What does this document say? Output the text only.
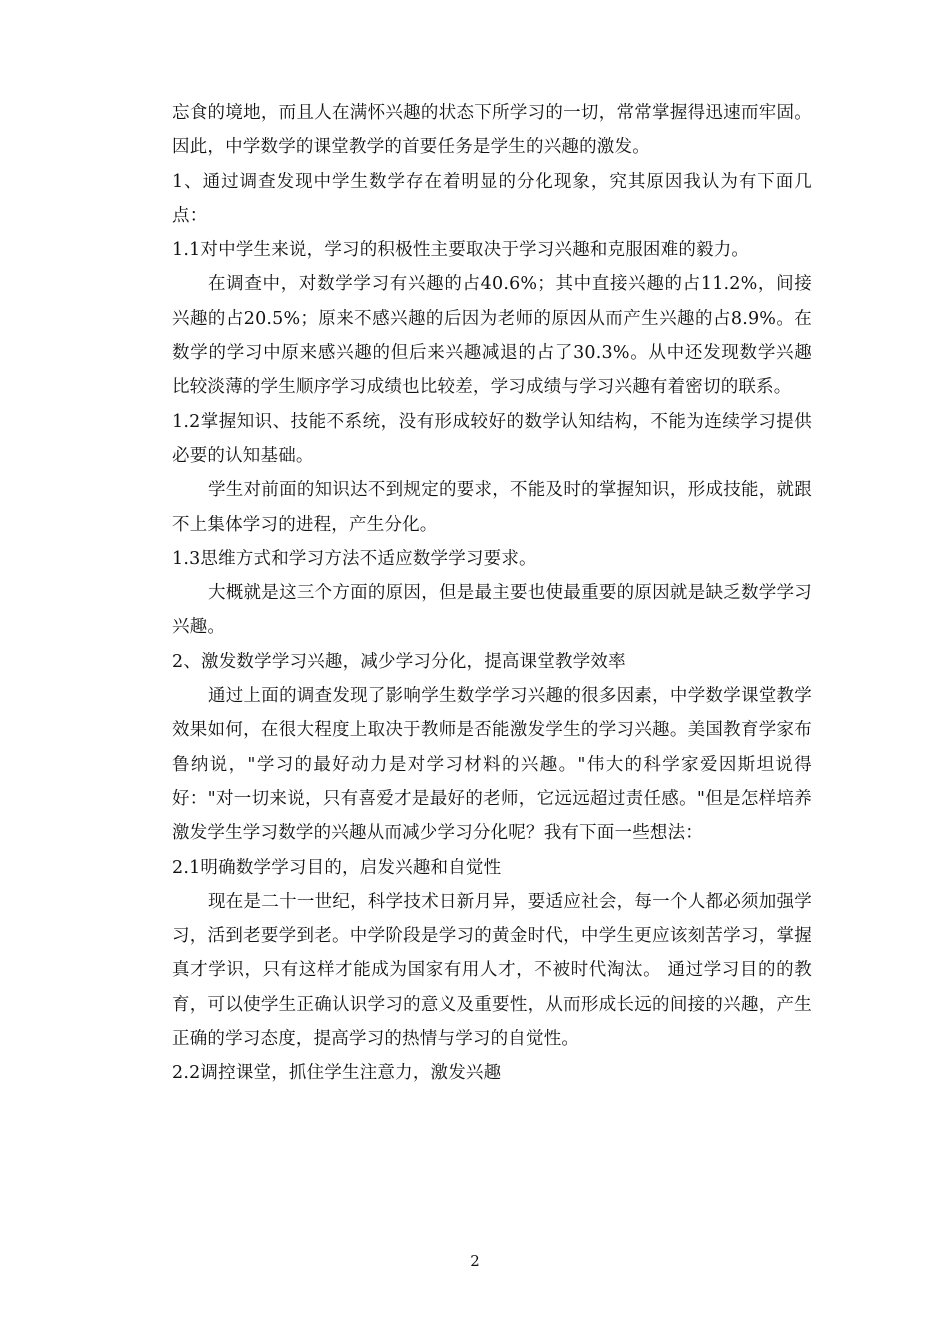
忘食的境地，而且人在满怀兴趣的状态下所学习的一切，常常掌握得迅速而牢固。因此，中学数学的课堂教学的首要任务是学生的兴趣的激发。

1、通过调查发现中学生数学存在着明显的分化现象，究其原因我认为有下面几点：

1.1对中学生来说，学习的积极性主要取决于学习兴趣和克服困难的毅力。

在调查中，对数学学习有兴趣的占40.6%；其中直接兴趣的占11.2%，间接兴趣的占20.5%；原来不感兴趣的后因为老师的原因从而产生兴趣的占8.9%。在数学的学习中原来感兴趣的但后来兴趣减退的占了30.3%。从中还发现数学兴趣比较淡薄的学生顺序学习成绩也比较差，学习成绩与学习兴趣有着密切的联系。

1.2掌握知识、技能不系统，没有形成较好的数学认知结构，不能为连续学习提供必要的认知基础。

学生对前面的知识达不到规定的要求，不能及时的掌握知识，形成技能，就跟不上集体学习的进程，产生分化。

1.3思维方式和学习方法不适应数学学习要求。

大概就是这三个方面的原因，但是最主要也使最重要的原因就是缺乏数学学习兴趣。

2、激发数学学习兴趣，减少学习分化，提高课堂教学效率

通过上面的调查发现了影响学生数学学习兴趣的很多因素，中学数学课堂教学效果如何，在很大程度上取决于教师是否能激发学生的学习兴趣。美国教育学家布鲁纳说，"学习的最好动力是对学习材料的兴趣。"伟大的科学家爱因斯坦说得好："对一切来说，只有喜爱才是最好的老师，它远远超过责任感。"但是怎样培养激发学生学习数学的兴趣从而减少学习分化呢？我有下面一些想法：

2.1明确数学学习目的，启发兴趣和自觉性

现在是二十一世纪，科学技术日新月异，要适应社会，每一个人都必须加强学习，活到老要学到老。中学阶段是学习的黄金时代，中学生更应该刻苦学习，掌握真才学识，只有这样才能成为国家有用人才，不被时代淘汰。 通过学习目的的教育，可以使学生正确认识学习的意义及重要性，从而形成长远的间接的兴趣，产生正确的学习态度，提高学习的热情与学习的自觉性。

2.2调控课堂，抓住学生注意力，激发兴趣

2
